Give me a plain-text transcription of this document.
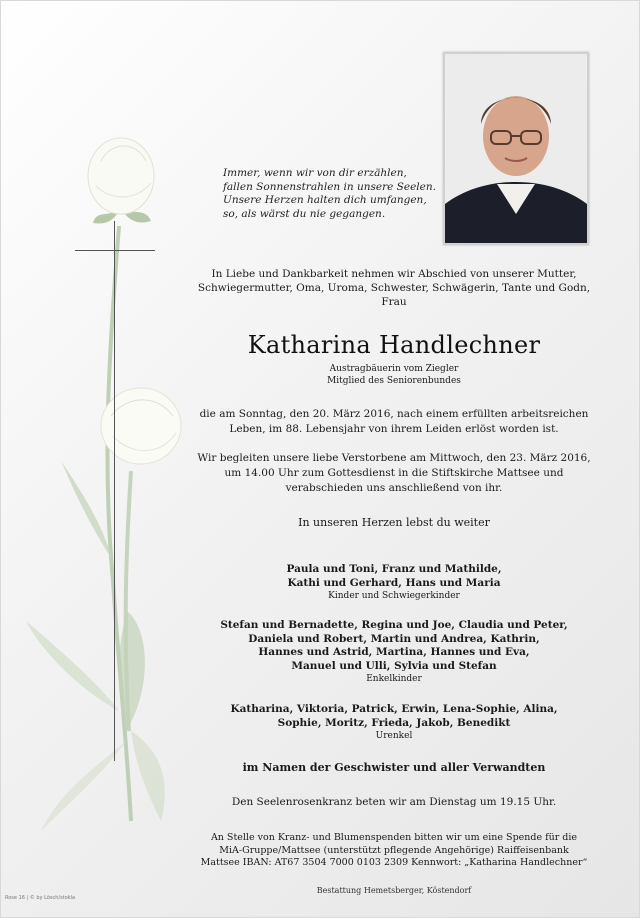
Immer, wenn wir von dir erzählen,
fallen Sonnenstrahlen in unsere Seelen.
Unsere Herzen halten dich umfangen,
so, als wärst du nie gegangen.
In Liebe und Dankbarkeit nehmen wir Abschied von unserer Mutter, Schwiegermutter, Oma, Uroma, Schwester, Schwägerin, Tante und Godn, Frau
Katharina Handlechner
Austragbäuerin vom Ziegler
Mitglied des Seniorenbundes
die am Sonntag, den 20. März 2016, nach einem erfüllten arbeitsreichen Leben, im 88. Lebensjahr von ihrem Leiden erlöst worden ist.
Wir begleiten unsere liebe Verstorbene am Mittwoch, den 23. März 2016, um 14.00 Uhr zum Gottesdienst in die Stiftskirche Mattsee und verabschieden uns anschließend von ihr.
In unseren Herzen lebst du weiter
Paula und Toni, Franz und Mathilde,
Kathi und Gerhard, Hans und Maria
Kinder und Schwiegerkinder
Stefan und Bernadette, Regina und Joe, Claudia und Peter,
Daniela und Robert, Martin und Andrea, Kathrin,
Hannes und Astrid, Martina, Hannes und Eva,
Manuel und Ulli, Sylvia und Stefan
Enkelkinder
Katharina, Viktoria, Patrick, Erwin, Lena-Sophie, Alina,
Sophie, Moritz, Frieda, Jakob, Benedikt
Urenkel
im Namen der Geschwister und aller Verwandten
Den Seelenrosenkranz beten wir am Dienstag um 19.15 Uhr.
An Stelle von Kranz- und Blumenspenden bitten wir um eine Spende für die
MiA-Gruppe/Mattsee (unterstützt pflegende Angehörige) Raiffeisenbank
Mattsee IBAN: AT67 3504 7000 0103 2309 Kennwort: „Katharina Handlechner“
Bestattung Hemetsberger, Köstendorf
Rose 16 | © by Lösch/stokla
